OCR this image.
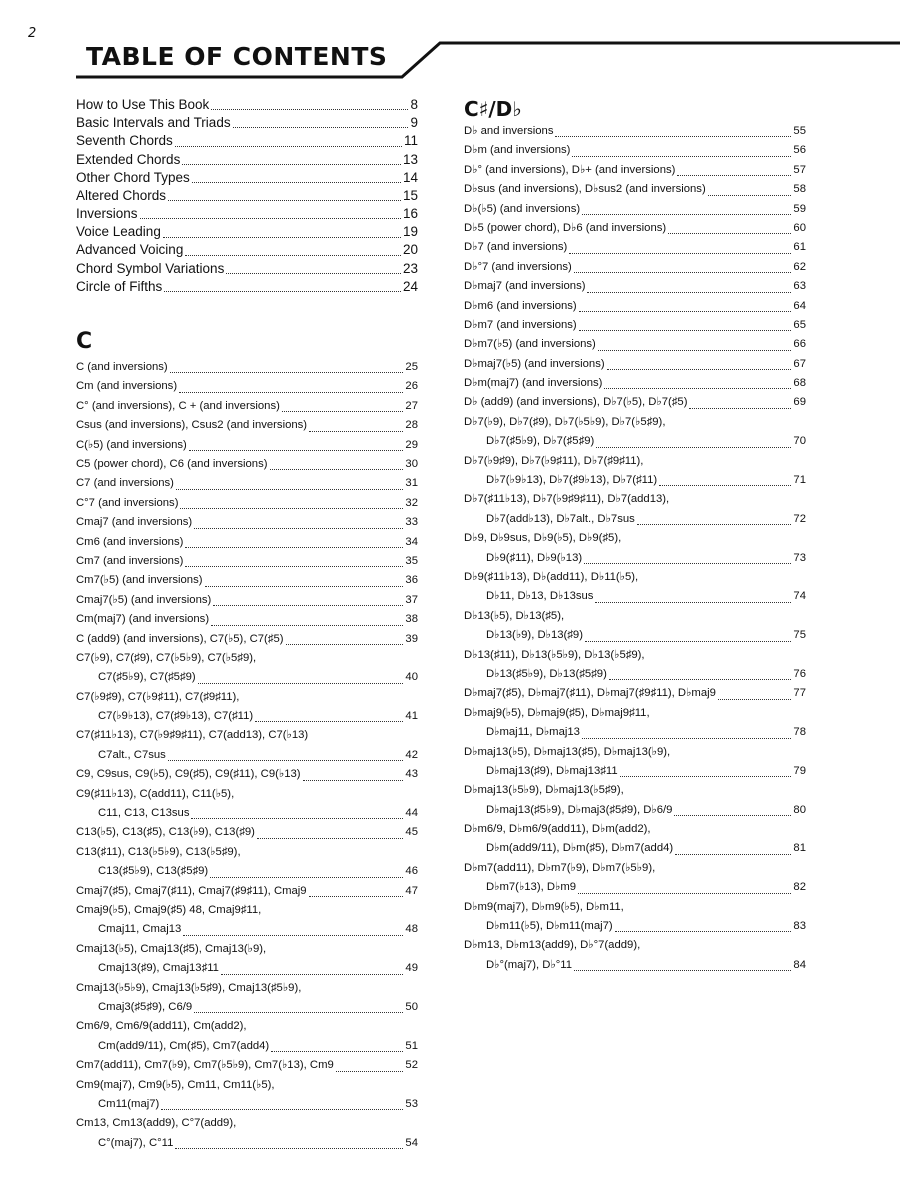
2
TABLE OF CONTENTS
How to Use This Book	8
Basic Intervals and Triads	9
Seventh Chords	11
Extended Chords	13
Other Chord Types	14
Altered Chords	15
Inversions	16
Voice Leading	19
Advanced Voicing	20
Chord Symbol Variations	23
Circle of Fifths	24
C
C (and inversions)	25
Cm (and inversions)	26
C° (and inversions), C + (and inversions)	27
Csus (and inversions), Csus2 (and inversions)	28
C(♭5) (and inversions)	29
C5 (power chord), C6 (and inversions)	30
C7 (and inversions)	31
C°7 (and inversions)	32
Cmaj7 (and inversions)	33
Cm6 (and inversions)	34
Cm7 (and inversions)	35
Cm7(♭5) (and inversions)	36
Cmaj7(♭5) (and inversions)	37
Cm(maj7) (and inversions)	38
C (add9) (and inversions), C7(♭5), C7(♯5)	39
C7(♭9), C7(♯9), C7(♭5♭9), C7(♭5♯9),
C7(♯5♭9), C7(♯5♯9)	40
C7(♭9♯9), C7(♭9♯11), C7(♯9♯11),
C7(♭9♭13), C7(♯9♭13), C7(♯11)	41
C7(♯11♭13), C7(♭9♯9♯11), C7(add13), C7(♭13)
C7alt., C7sus	42
C9, C9sus, C9(♭5), C9(♯5), C9(♯11), C9(♭13)	43
C9(♯11♭13), C(add11), C11(♭5),
C11, C13, C13sus	44
C13(♭5), C13(♯5), C13(♭9), C13(♯9)	45
C13(♯11), C13(♭5♭9), C13(♭5♯9),
C13(♯5♭9), C13(♯5♯9)	46
Cmaj7(♯5), Cmaj7(♯11), Cmaj7(♯9♯11), Cmaj9	47
Cmaj9(♭5), Cmaj9(♯5) 48, Cmaj9♯11,
Cmaj11, Cmaj13	48
Cmaj13(♭5), Cmaj13(♯5), Cmaj13(♭9),
Cmaj13(♯9), Cmaj13♯11	49
Cmaj13(♭5♭9), Cmaj13(♭5♯9), Cmaj13(♯5♭9),
Cmaj3(♯5♯9), C6/9	50
Cm6/9, Cm6/9(add11), Cm(add2),
Cm(add9/11), Cm(♯5), Cm7(add4)	51
Cm7(add11), Cm7(♭9), Cm7(♭5♭9), Cm7(♭13), Cm9	52
Cm9(maj7), Cm9(♭5), Cm11, Cm11(♭5),
Cm11(maj7)	53
Cm13, Cm13(add9), C°7(add9),
C°(maj7), C°11	54
C♯/D♭
D♭ and inversions	55
D♭m (and inversions)	56
D♭° (and inversions), D♭+ (and inversions)	57
D♭sus (and inversions), D♭sus2 (and inversions)	58
D♭(♭5) (and inversions)	59
D♭5 (power chord), D♭6 (and inversions)	60
D♭7 (and inversions)	61
D♭°7 (and inversions)	62
D♭maj7 (and inversions)	63
D♭m6 (and inversions)	64
D♭m7 (and inversions)	65
D♭m7(♭5) (and inversions)	66
D♭maj7(♭5) (and inversions)	67
D♭m(maj7) (and inversions)	68
D♭ (add9) (and inversions), D♭7(♭5), D♭7(♯5)	69
D♭7(♭9), D♭7(♯9), D♭7(♭5♭9), D♭7(♭5♯9),
D♭7(♯5♭9), D♭7(♯5♯9)	70
D♭7(♭9♯9), D♭7(♭9♯11), D♭7(♯9♯11),
D♭7(♭9♭13), D♭7(♯9♭13), D♭7(♯11)	71
D♭7(♯11♭13), D♭7(♭9♯9♯11), D♭7(add13),
D♭7(add♭13), D♭7alt., D♭7sus	72
D♭9, D♭9sus, D♭9(♭5), D♭9(♯5),
D♭9(♯11), D♭9(♭13)	73
D♭9(♯11♭13), D♭(add11), D♭11(♭5),
D♭11, D♭13, D♭13sus	74
D♭13(♭5), D♭13(♯5),
D♭13(♭9), D♭13(♯9)	75
D♭13(♯11), D♭13(♭5♭9), D♭13(♭5♯9),
D♭13(♯5♭9), D♭13(♯5♯9)	76
D♭maj7(♯5), D♭maj7(♯11), D♭maj7(♯9♯11), D♭maj9	77
D♭maj9(♭5), D♭maj9(♯5), D♭maj9♯11,
D♭maj11, D♭maj13	78
D♭maj13(♭5), D♭maj13(♯5), D♭maj13(♭9),
D♭maj13(♯9), D♭maj13♯11	79
D♭maj13(♭5♭9), D♭maj13(♭5♯9),
D♭maj13(♯5♭9), D♭maj3(♯5♯9), D♭6/9	80
D♭m6/9, D♭m6/9(add11), D♭m(add2),
D♭m(add9/11), D♭m(♯5), D♭m7(add4)	81
D♭m7(add11), D♭m7(♭9), D♭m7(♭5♭9),
D♭m7(♭13), D♭m9	82
D♭m9(maj7), D♭m9(♭5), D♭m11,
D♭m11(♭5), D♭m11(maj7)	83
D♭m13, D♭m13(add9), D♭°7(add9),
D♭°(maj7), D♭°11	84
